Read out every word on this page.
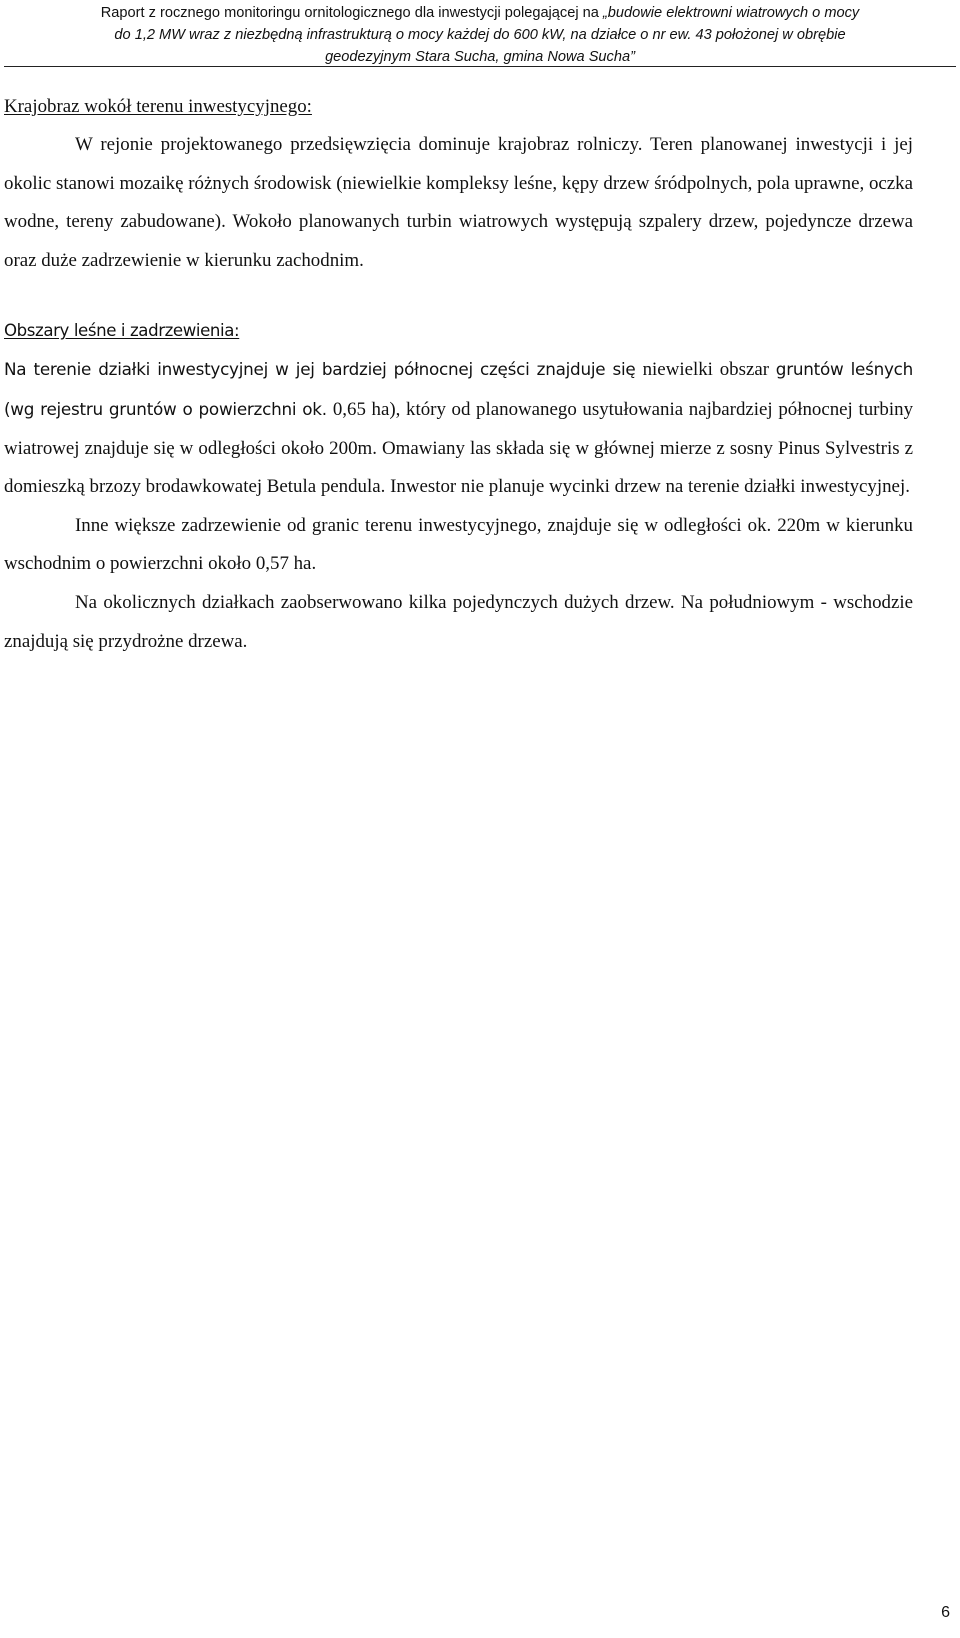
Raport z rocznego monitoringu ornitologicznego dla inwestycji polegającej na „budowie elektrowni wiatrowych o mocy
do 1,2 MW wraz z niezbędną infrastrukturą o mocy każdej do 600 kW, na działce o nr ew. 43 położonej w obrębie
geodezyjnym Stara Sucha, gmina Nowa Sucha”

Krajobraz wokół terenu inwestycyjnego:

W rejonie projektowanego przedsięwzięcia dominuje krajobraz rolniczy. Teren planowanej inwestycji i jej okolic stanowi mozaikę różnych środowisk (niewielkie kompleksy leśne, kępy drzew śródpolnych, pola uprawne, oczka wodne, tereny zabudowane). Wokoło planowanych turbin wiatrowych występują szpalery drzew, pojedyncze drzewa oraz duże zadrzewienie w kierunku zachodnim.

Obszary leśne i zadrzewienia:

Na terenie działki inwestycyjnej w jej bardziej północnej części znajduje się niewielki obszar gruntów leśnych (wg rejestru gruntów o powierzchni ok. 0,65 ha), który od planowanego usytułowania najbardziej północnej turbiny wiatrowej znajduje się w odległości około 200m. Omawiany las składa się w głównej mierze z sosny Pinus Sylvestris z domieszką brzozy brodawkowatej Betula pendula. Inwestor nie planuje wycinki drzew na terenie działki inwestycyjnej.

Inne większe zadrzewienie od granic terenu inwestycyjnego, znajduje się w odległości ok. 220m w kierunku wschodnim o powierzchni około 0,57 ha.

Na okolicznych działkach zaobserwowano kilka pojedynczych dużych drzew. Na południowym - wschodzie znajdują się przydrożne drzewa.

6
